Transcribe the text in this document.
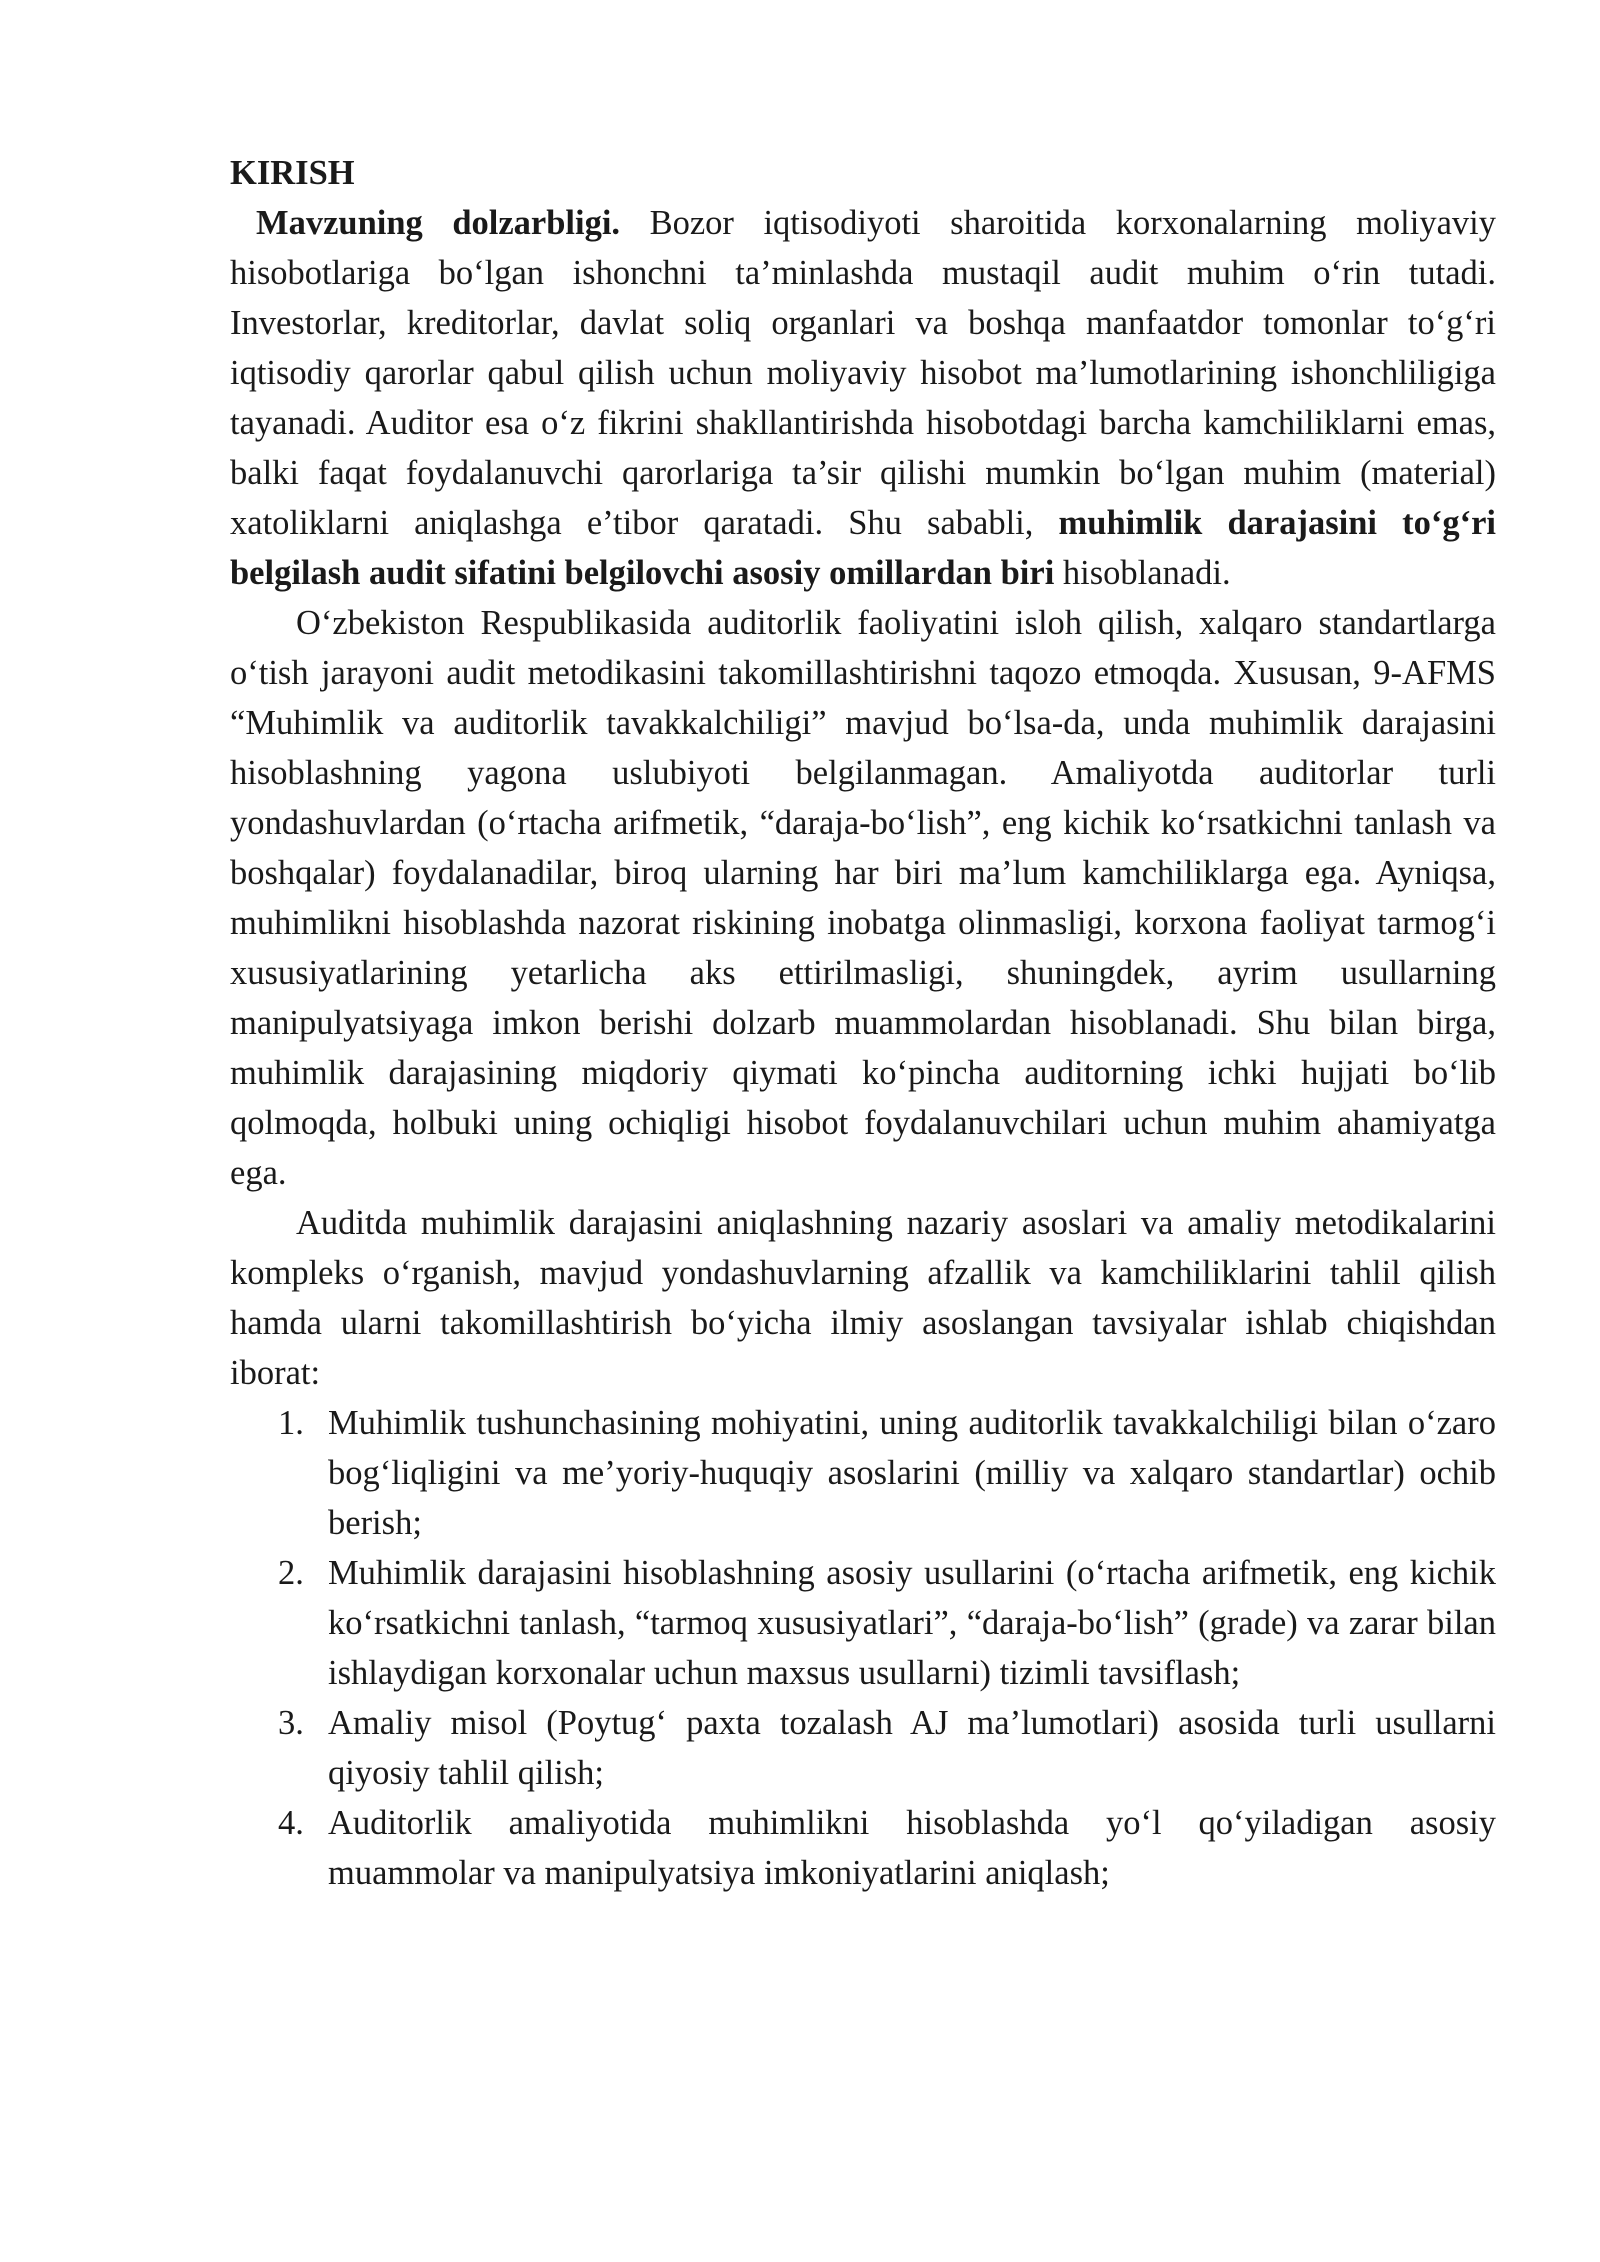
KIRISH

Mavzuning dolzarbligi. Bozor iqtisodiyoti sharoitida korxonalarning moliyaviy hisobotlariga bo‘lgan ishonchni ta’minlashda mustaqil audit muhim o‘rin tutadi. Investorlar, kreditorlar, davlat soliq organlari va boshqa manfaatdor tomonlar to‘g‘ri iqtisodiy qarorlar qabul qilish uchun moliyaviy hisobot ma’lumotlarining ishonchliligiga tayanadi. Auditor esa o‘z fikrini shakllantirishda hisobotdagi barcha kamchiliklarni emas, balki faqat foydalanuvchi qarorlariga ta’sir qilishi mumkin bo‘lgan muhim (material) xatoliklarni aniqlashga e’tibor qaratadi. Shu sababli, muhimlik darajasini to‘g‘ri belgilash audit sifatini belgilovchi asosiy omillardan biri hisoblanadi.

O‘zbekiston Respublikasida auditorlik faoliyatini isloh qilish, xalqaro standartlarga o‘tish jarayoni audit metodikasini takomillashtirishni taqozo etmoqda. Xususan, 9-AFMS “Muhimlik va auditorlik tavakkalchiligi” mavjud bo‘lsa-da, unda muhimlik darajasini hisoblashning yagona uslubiyoti belgilanmagan. Amaliyotda auditorlar turli yondashuvlardan (o‘rtacha arifmetik, “daraja-bo‘lish”, eng kichik ko‘rsatkichni tanlash va boshqalar) foydalanadilar, biroq ularning har biri ma’lum kamchiliklarga ega. Ayniqsa, muhimlikni hisoblashda nazorat riskining inobatga olinmasligi, korxona faoliyat tarmog‘i xususiyatlarining yetarlicha aks ettirilmasligi, shuningdek, ayrim usullarning manipulyatsiyaga imkon berishi dolzarb muammolardan hisoblanadi. Shu bilan birga, muhimlik darajasining miqdoriy qiymati ko‘pincha auditorning ichki hujjati bo‘lib qolmoqda, holbuki uning ochiqligi hisobot foydalanuvchilari uchun muhim ahamiyatga ega.

Auditda muhimlik darajasini aniqlashning nazariy asoslari va amaliy metodikalarini kompleks o‘rganish, mavjud yondashuvlarning afzallik va kamchiliklarini tahlil qilish hamda ularni takomillashtirish bo‘yicha ilmiy asoslangan tavsiyalar ishlab chiqishdan iborat:

1. Muhimlik tushunchasining mohiyatini, uning auditorlik tavakkalchiligi bilan o‘zaro bog‘liqligini va me’yoriy-huquqiy asoslarini (milliy va xalqaro standartlar) ochib berish;
2. Muhimlik darajasini hisoblashning asosiy usullarini (o‘rtacha arifmetik, eng kichik ko‘rsatkichni tanlash, “tarmoq xususiyatlari”, “daraja-bo‘lish” (grade) va zarar bilan ishlaydigan korxonalar uchun maxsus usullarni) tizimli tavsiflash;
3. Amaliy misol (Poytug‘ paxta tozalash AJ ma’lumotlari) asosida turli usullarni qiyosiy tahlil qilish;
4. Auditorlik amaliyotida muhimlikni hisoblashda yo‘l qo‘yiladigan asosiy muammolar va manipulyatsiya imkoniyatlarini aniqlash;
